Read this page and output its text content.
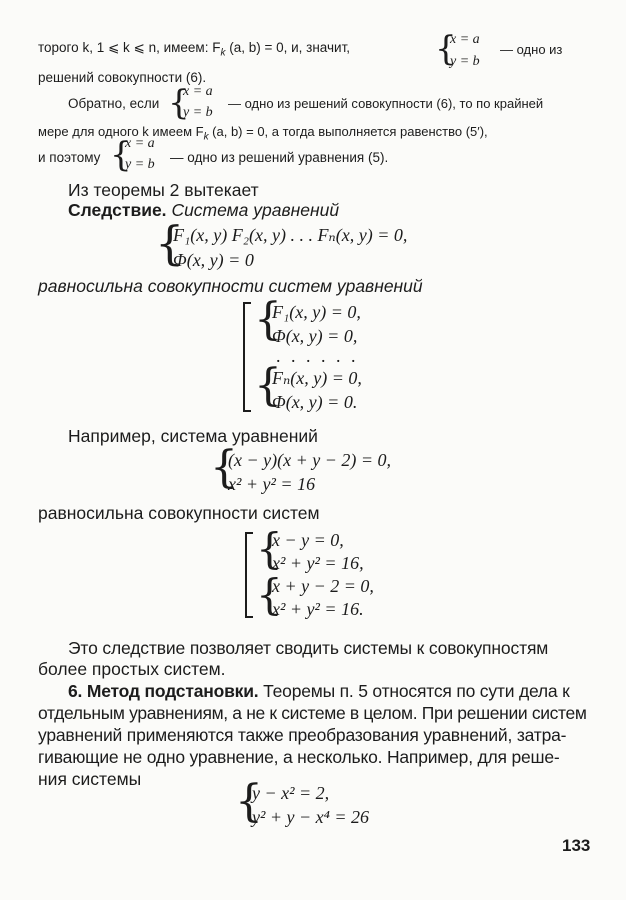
торого k, 1 ⩽ k ⩽ n, имеем: $F_k$ (a, b) = 0, и, значит, {
x = a
y = b
— одно из
решений совокупности (6).
Обратно, если {
x = a
y = b
— одно из решений совокупности (6), то по крайней
мере для одного k имеем $F_k$ (a, b) = 0, а тогда выполняется равенство (5′),
и поэтому {
x = a
y = b — одно из решений уравнения (5).
Из теоремы 2 вытекает
Следствие. Система уравнений
{
F₁(x, y) F₂(x, y) . . . Fₙ(x, y) = 0,
Φ(x, y) = 0
равносильна совокупности систем уравнений
{
F₁(x, y) = 0,
Φ(x, y) = 0,
. . . . . .
{
Fₙ(x, y) = 0,
Φ(x, y) = 0.
Например, система уравнений
{
(x − y)(x + y − 2) = 0,
x² + y² = 16
равносильна совокупности систем
{
x − y = 0,
x² + y² = 16,
{
x + y − 2 = 0,
x² + y² = 16.
Это следствие позволяет сводить системы к совокупностям
более простых систем.
6. Метод подстановки. Теоремы п. 5 относятся по сути дела к
отдельным уравнениям, а не к системе в целом. При решении систем
уравнений применяются также преобразования уравнений, затра-
гивающие не одно уравнение, а несколько. Например, для реше-
ния системы {
y − x² = 2,
y² + y − x⁴ = 26
133
